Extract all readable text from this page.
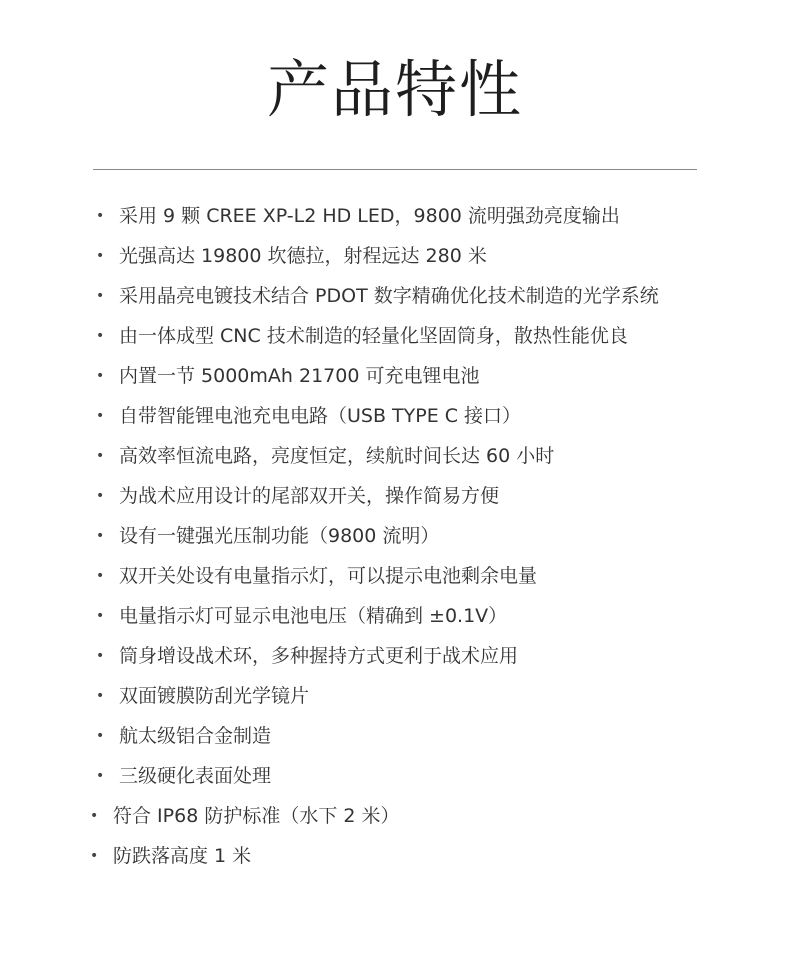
产品特性
• 采用 9 颗 CREE XP-L2 HD LED，9800 流明强劲亮度输出
• 光强高达 19800 坎德拉，射程远达 280 米
• 采用晶亮电镀技术结合 PDOT 数字精确优化技术制造的光学系统
• 由一体成型 CNC 技术制造的轻量化坚固筒身，散热性能优良
• 内置一节 5000mAh 21700 可充电锂电池
• 自带智能锂电池充电电路（USB TYPE C 接口）
• 高效率恒流电路，亮度恒定，续航时间长达 60 小时
• 为战术应用设计的尾部双开关，操作简易方便
• 设有一键强光压制功能（9800 流明）
• 双开关处设有电量指示灯，可以提示电池剩余电量
• 电量指示灯可显示电池电压（精确到 ±0.1V）
• 筒身增设战术环，多种握持方式更利于战术应用
• 双面镀膜防刮光学镜片
• 航太级铝合金制造
• 三级硬化表面处理
• 符合 IP68 防护标准（水下 2 米）
• 防跌落高度 1 米
